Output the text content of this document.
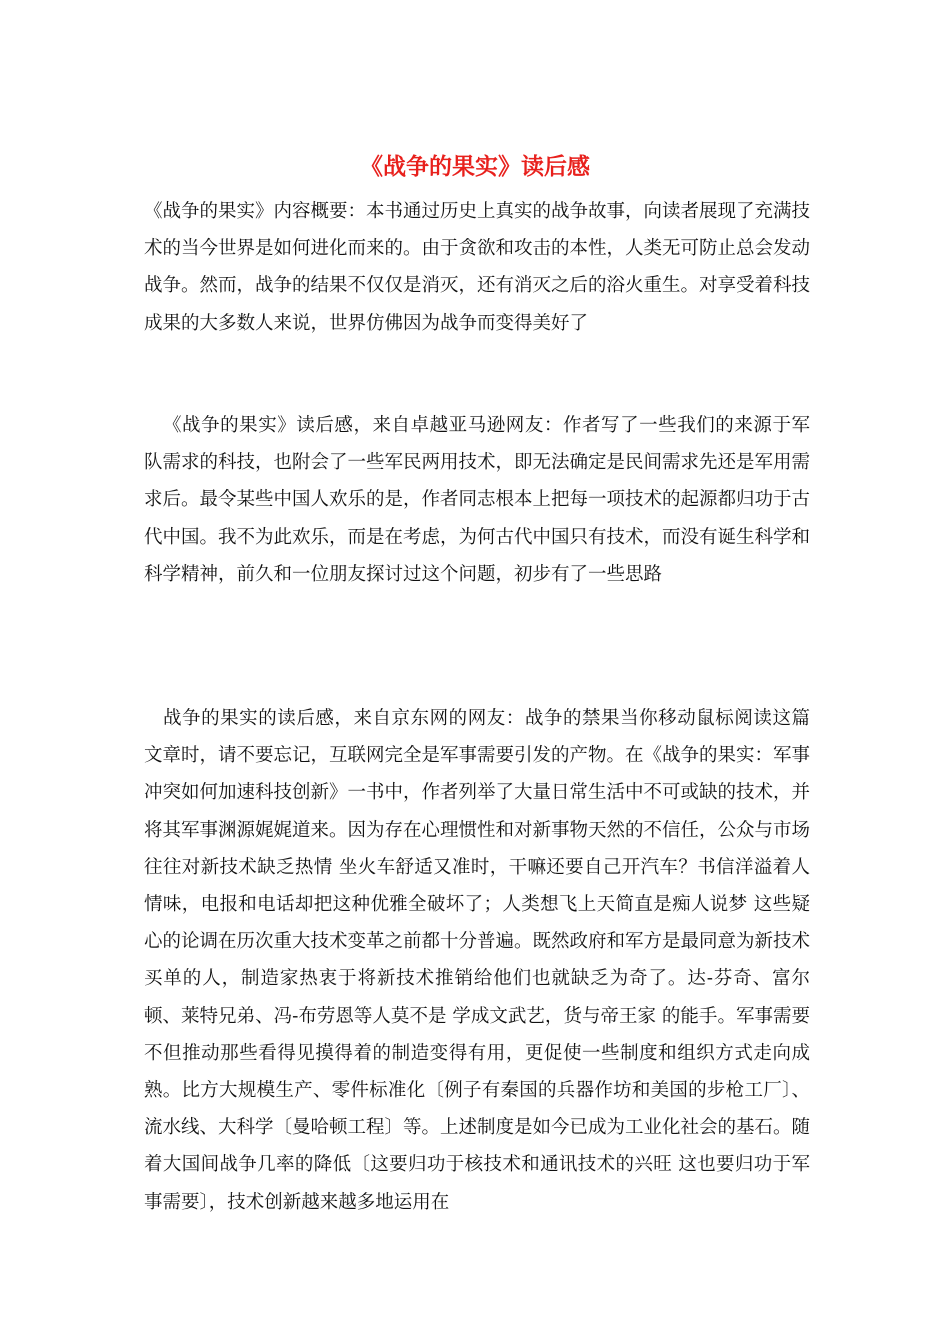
《战争的果实》读后感

《战争的果实》内容概要：本书通过历史上真实的战争故事，向读者展现了充满技术的当今世界是如何进化而来的。由于贪欲和攻击的本性，人类无可防止总会发动战争。然而，战争的结果不仅仅是消灭，还有消灭之后的浴火重生。对享受着科技成果的大多数人来说，世界仿佛因为战争而变得美好了

《战争的果实》读后感，来自卓越亚马逊网友：作者写了一些我们的来源于军队需求的科技，也附会了一些军民两用技术，即无法确定是民间需求先还是军用需求后。最令某些中国人欢乐的是，作者同志根本上把每一项技术的起源都归功于古代中国。我不为此欢乐，而是在考虑，为何古代中国只有技术，而没有诞生科学和科学精神，前久和一位朋友探讨过这个问题，初步有了一些思路

战争的果实的读后感，来自京东网的网友：战争的禁果当你移动鼠标阅读这篇文章时，请不要忘记，互联网完全是军事需要引发的产物。在《战争的果实：军事冲突如何加速科技创新》一书中，作者列举了大量日常生活中不可或缺的技术，并将其军事渊源娓娓道来。因为存在心理惯性和对新事物天然的不信任，公众与市场往往对新技术缺乏热情 坐火车舒适又准时，干嘛还要自己开汽车？书信洋溢着人情味，电报和电话却把这种优雅全破坏了；人类想飞上天简直是痴人说梦 这些疑心的论调在历次重大技术变革之前都十分普遍。既然政府和军方是最同意为新技术买单的人，制造家热衷于将新技术推销给他们也就缺乏为奇了。达-芬奇、富尔顿、莱特兄弟、冯-布劳恩等人莫不是 学成文武艺，货与帝王家 的能手。军事需要不但推动那些看得见摸得着的制造变得有用，更促使一些制度和组织方式走向成熟。比方大规模生产、零件标准化〔例子有秦国的兵器作坊和美国的步枪工厂〕、流水线、大科学〔曼哈顿工程〕等。上述制度是如今已成为工业化社会的基石。随着大国间战争几率的降低〔这要归功于核技术和通讯技术的兴旺 这也要归功于军事需要〕，技术创新越来越多地运用在
